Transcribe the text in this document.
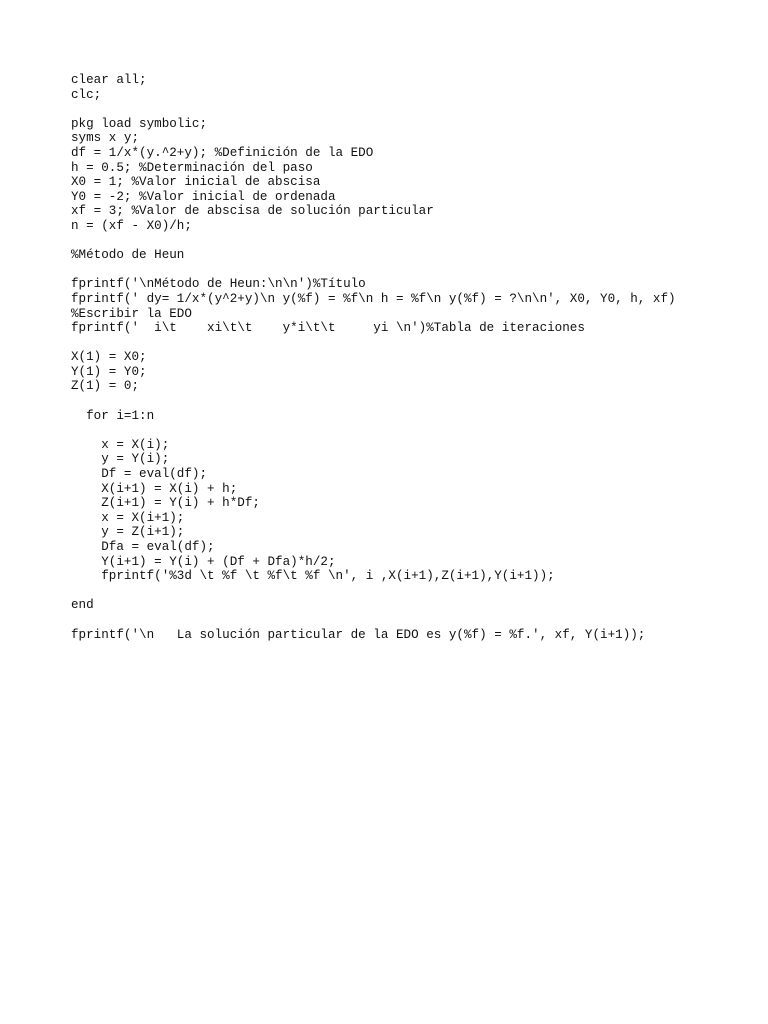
clear all;
clc;
pkg load symbolic;
syms x y;
df = 1/x*(y.^2+y); %Definición de la EDO
h = 0.5; %Determinación del paso
X0 = 1; %Valor inicial de abscisa
Y0 = -2; %Valor inicial de ordenada
xf = 3; %Valor de abscisa de solución particular
n = (xf - X0)/h;
%Método de Heun
fprintf('\nMétodo de Heun:\n\n')%Título
fprintf(' dy= 1/x*(y^2+y)\n y(%f) = %f\n h = %f\n y(%f) = ?\n\n', X0, Y0, h, xf)
%Escribir la EDO
fprintf('  i\t    xi\t\t    y*i\t\t     yi \n')%Tabla de iteraciones
X(1) = X0;
Y(1) = Y0;
Z(1) = 0;
for i=1:n
x = X(i);
y = Y(i);
Df = eval(df);
X(i+1) = X(i) + h;
Z(i+1) = Y(i) + h*Df;
x = X(i+1);
y = Z(i+1);
Dfa = eval(df);
Y(i+1) = Y(i) + (Df + Dfa)*h/2;
fprintf('%3d \t %f \t %f\t %f \n', i ,X(i+1),Z(i+1),Y(i+1));
end
fprintf('\n   La solución particular de la EDO es y(%f) = %f.', xf, Y(i+1));
